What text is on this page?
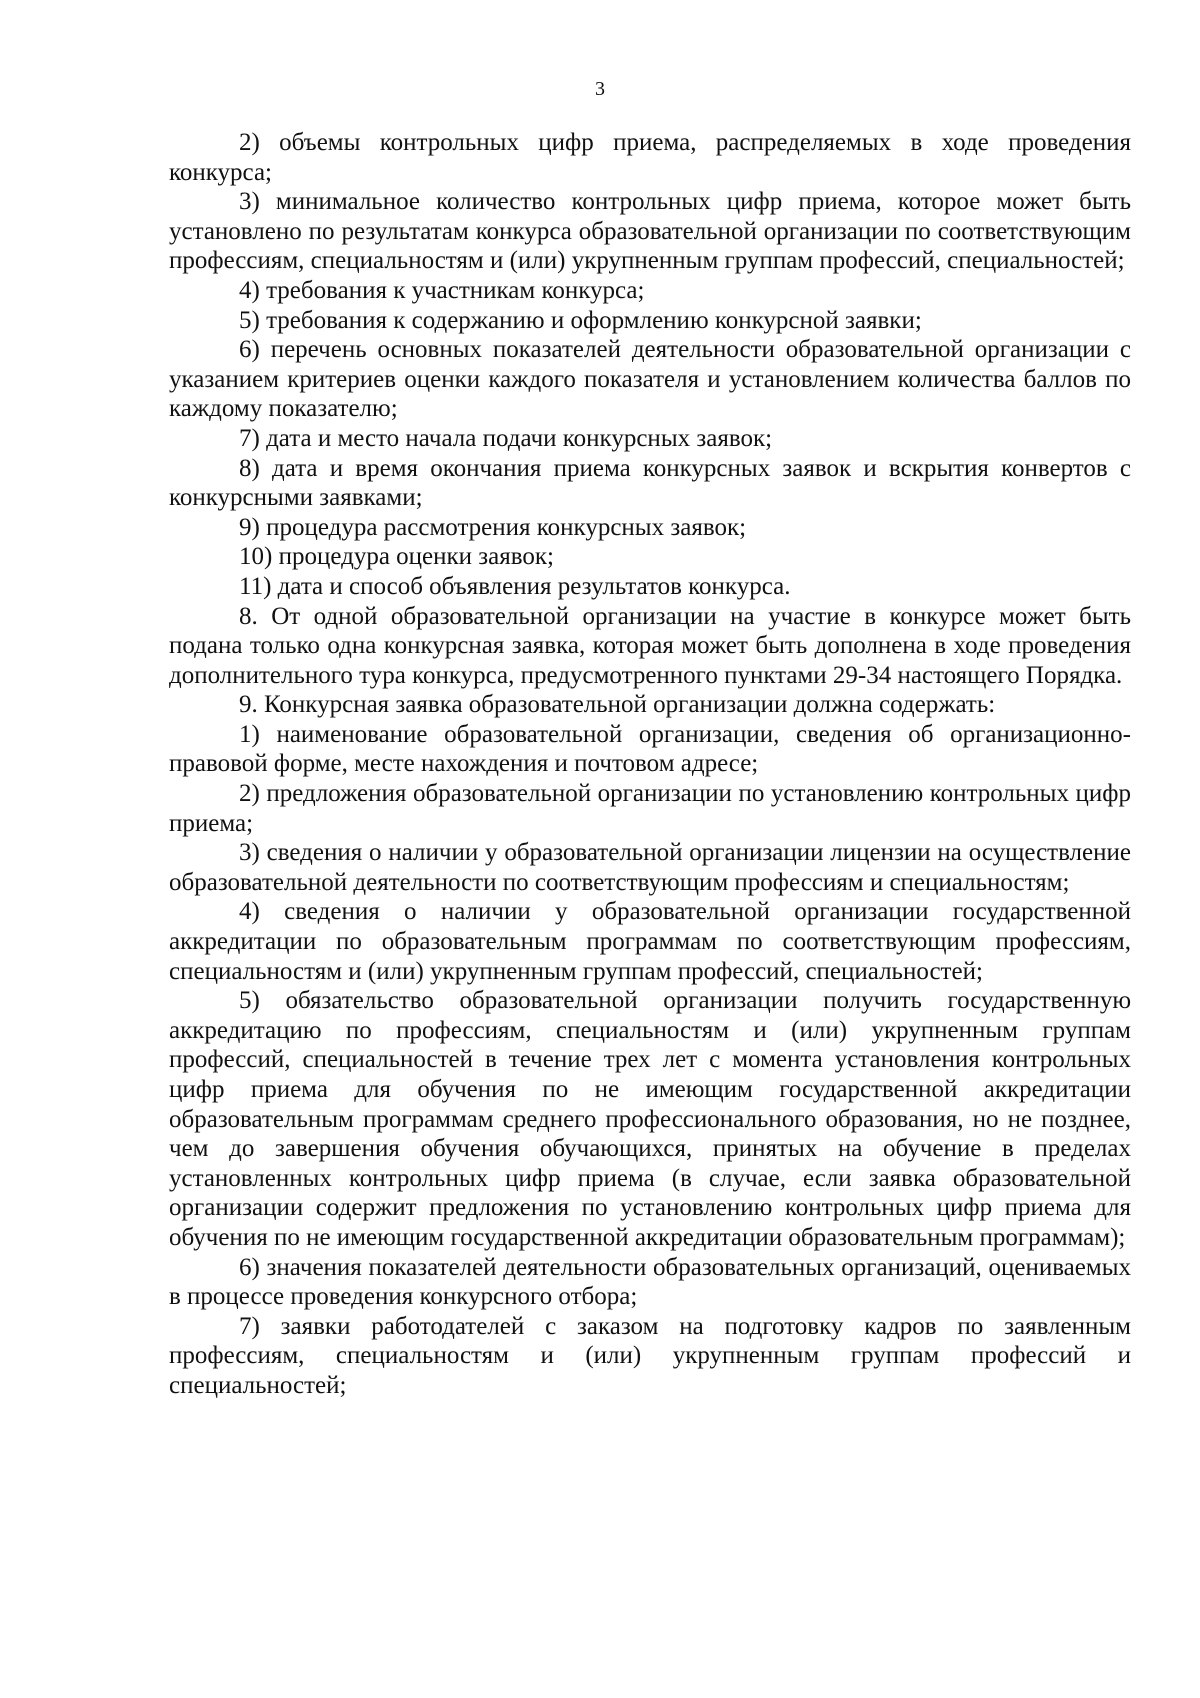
3

2) объемы контрольных цифр приема, распределяемых в ходе проведения конкурса;

3) минимальное количество контрольных цифр приема, которое может быть установлено по результатам конкурса образовательной организации по соответствующим профессиям, специальностям и (или) укрупненным группам профессий, специальностей;

4) требования к участникам конкурса;

5) требования к содержанию и оформлению конкурсной заявки;

6) перечень основных показателей деятельности образовательной организации с указанием критериев оценки каждого показателя и установлением количества баллов по каждому показателю;

7) дата и место начала подачи конкурсных заявок;

8) дата и время окончания приема конкурсных заявок и вскрытия конвертов с конкурсными заявками;

9) процедура рассмотрения конкурсных заявок;

10) процедура оценки заявок;

11) дата и способ объявления результатов конкурса.

8. От одной образовательной организации на участие в конкурсе может быть подана только одна конкурсная заявка, которая может быть дополнена в ходе проведения дополнительного тура конкурса, предусмотренного пунктами 29-34 настоящего Порядка.

9. Конкурсная заявка образовательной организации должна содержать:

1) наименование образовательной организации, сведения об организационно-правовой форме, месте нахождения и почтовом адресе;

2) предложения образовательной организации по установлению контрольных цифр приема;

3) сведения о наличии у образовательной организации лицензии на осуществление образовательной деятельности по соответствующим профессиям и специальностям;

4) сведения о наличии у образовательной организации государственной аккредитации по образовательным программам по соответствующим профессиям, специальностям и (или) укрупненным группам профессий, специальностей;

5) обязательство образовательной организации получить государственную аккредитацию по профессиям, специальностям и (или) укрупненным группам профессий, специальностей в течение трех лет с момента установления контрольных цифр приема для обучения по не имеющим государственной аккредитации образовательным программам среднего профессионального образования, но не позднее, чем до завершения обучения обучающихся, принятых на обучение в пределах установленных контрольных цифр приема (в случае, если заявка образовательной организации содержит предложения по установлению контрольных цифр приема для обучения по не имеющим государственной аккредитации образовательным программам);

6) значения показателей деятельности образовательных организаций, оцениваемых в процессе проведения конкурсного отбора;

7) заявки работодателей с заказом на подготовку кадров по заявленным профессиям, специальностям и (или) укрупненным группам профессий и специальностей;
